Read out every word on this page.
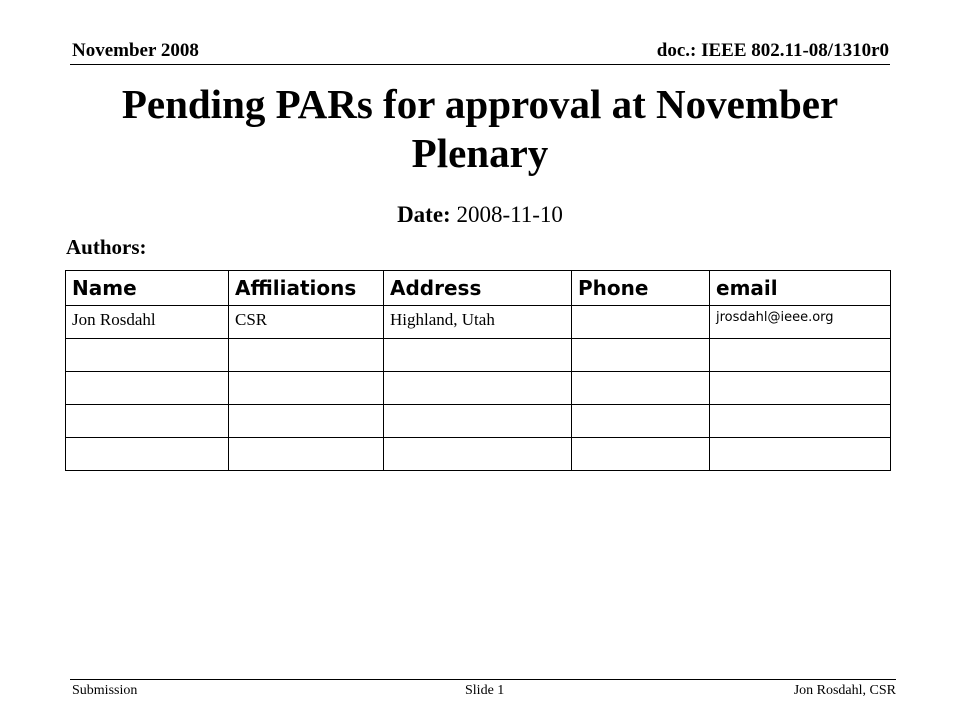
November 2008	doc.: IEEE 802.11-08/1310r0
Pending PARs for approval at November Plenary
Date: 2008-11-10
Authors:
Name	Affiliations	Address	Phone	email
Jon Rosdahl	CSR	Highland, Utah		jrosdahl@ieee.org

Submission	Slide 1	Jon Rosdahl, CSR
